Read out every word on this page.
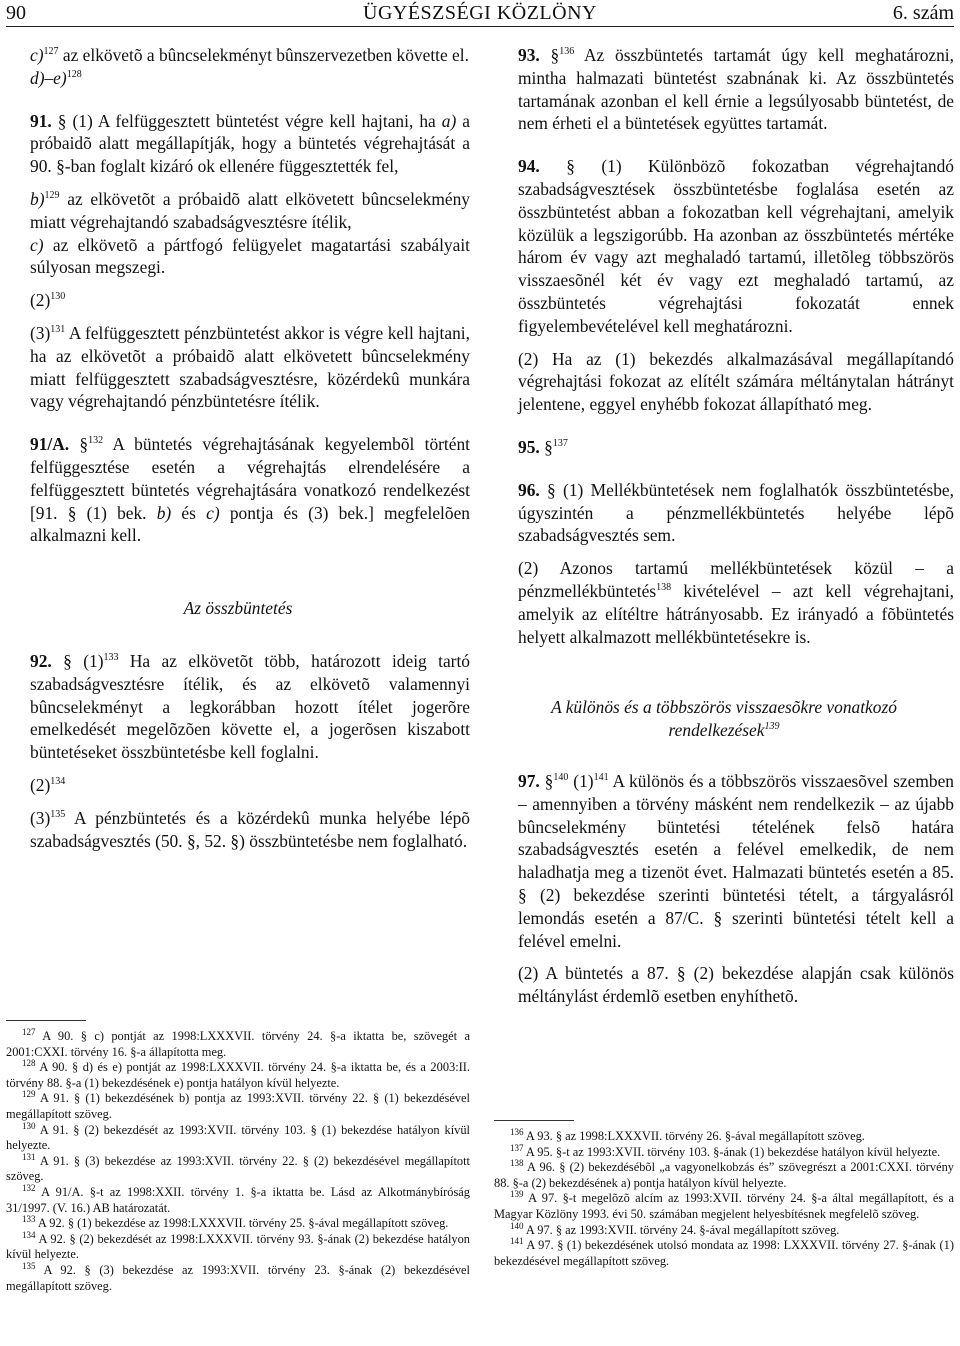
90	ÜGYÉSZSÉGI KÖZLÖNY	6. szám

c)$^{127}$ az elkövetõ a bûncselekményt bûnszervezetben követte el.

d)–e)$^{128}$

91. § (1) A felfüggesztett büntetést végre kell hajtani, ha a) a próbaidõ alatt megállapítják, hogy a büntetés végrehajtását a 90. §-ban foglalt kizáró ok ellenére függesztették fel,

b)$^{129}$ az elkövetõt a próbaidõ alatt elkövetett bûncselekmény miatt végrehajtandó szabadságvesztésre ítélik,

c) az elkövetõ a pártfogó felügyelet magatartási szabályait súlyosan megszegi.

$(2)^{130}$

$(3)^{131}$ A felfüggesztett pénzbüntetést akkor is végre kell hajtani, ha az elkövetõt a próbaidõ alatt elkövetett bûncselekmény miatt felfüggesztett szabadságvesztésre, közérdekû munkára vagy végrehajtandó pénzbüntetésre ítélik.

91/A. §$^{132}$ A büntetés végrehajtásának kegyelembõl történt felfüggesztése esetén a végrehajtás elrendelésére a felfüggesztett büntetés végrehajtására vonatkozó rendelkezést [91. § (1) bek. b) és c) pontja és (3) bek.] megfelelõen alkalmazni kell.

Az összbüntetés

92. § $(1)^{133}$ Ha az elkövetõt több, határozott ideig tartó szabadságvesztésre ítélik, és az elkövetõ valamennyi bûncselekményt a legkorábban hozott ítélet jogerõre emelkedését megelõzõen követte el, a jogerõsen kiszabott büntetéseket összbüntetésbe kell foglalni.

$(2)^{134}$

$(3)^{135}$ A pénzbüntetés és a közérdekû munka helyébe lépõ szabadságvesztés (50. §, 52. §) összbüntetésbe nem foglalható.

$^{127}$ A 90. § c) pontját az 1998:LXXXVII. törvény 24. §-a iktatta be, szövegét a 2001:CXXI. törvény 16. §-a állapította meg.

$^{128}$ A 90. § d) és e) pontját az 1998:LXXXVII. törvény 24. §-a iktatta be, és a 2003:II. törvény 88. §-a (1) bekezdésének e) pontja hatályon kívül helyezte.

$^{129}$ A 91. § (1) bekezdésének b) pontja az 1993:XVII. törvény 22. § (1) bekezdésével megállapított szöveg.

$^{130}$ A 91. § (2) bekezdését az 1993:XVII. törvény 103. § (1) bekezdése hatályon kívül helyezte.

$^{131}$ A 91. § (3) bekezdése az 1993:XVII. törvény 22. § (2) bekezdésével megállapított szöveg.

$^{132}$ A 91/A. §-t az 1998:XXII. törvény 1. §-a iktatta be. Lásd az Alkotmánybíróság 31/1997. (V. 16.) AB határozatát.

$^{133}$ A 92. § (1) bekezdése az 1998:LXXXVII. törvény 25. §-ával megállapított szöveg.

$^{134}$ A 92. § (2) bekezdését az 1998:LXXXVII. törvény 93. §-ának (2) bekezdése hatályon kívül helyezte.

$^{135}$ A 92. § (3) bekezdése az 1993:XVII. törvény 23. §-ának (2) bekezdésével megállapított szöveg.

93. §$^{136}$ Az összbüntetés tartamát úgy kell meghatározni, mintha halmazati büntetést szabnának ki. Az összbüntetés tartamának azonban el kell érnie a legsúlyosabb büntetést, de nem érheti el a büntetések együttes tartamát.

94. § (1) Különbözõ fokozatban végrehajtandó szabadságvesztések összbüntetésbe foglalása esetén az összbüntetést abban a fokozatban kell végrehajtani, amelyik közülük a legszigorúbb. Ha azonban az összbüntetés mértéke három év vagy azt meghaladó tartamú, illetõleg többszörös visszaesõnél két év vagy ezt meghaladó tartamú, az összbüntetés végrehajtási fokozatát ennek figyelembevételével kell meghatározni.

(2) Ha az (1) bekezdés alkalmazásával megállapítandó végrehajtási fokozat az elítélt számára méltánytalan hátrányt jelentene, eggyel enyhébb fokozat állapítható meg.

95. §$^{137}$

96. § (1) Mellékbüntetések nem foglalhatók összbüntetésbe, úgyszintén a pénzmellékbüntetés helyébe lépõ szabadságvesztés sem.

(2) Azonos tartamú mellékbüntetések közül – a pénzmellékbüntetés$^{138}$ kivételével – azt kell végrehajtani, amelyik az elítéltre hátrányosabb. Ez irányadó a fõbüntetés helyett alkalmazott mellékbüntetésekre is.

A különös és a többszörös visszaesõkre vonatkozó rendelkezések$^{139}$

97. §$^{140}$ $(1)^{141}$ A különös és a többszörös visszaesõvel szemben – amennyiben a törvény másként nem rendelkezik – az újabb bûncselekmény büntetési tételének felsõ határa szabadságvesztés esetén a felével emelkedik, de nem haladhatja meg a tizenöt évet. Halmazati büntetés esetén a 85. § (2) bekezdése szerinti büntetési tételt, a tárgyalásról lemondás esetén a 87/C. § szerinti büntetési tételt kell a felével emelni.

(2) A büntetés a 87. § (2) bekezdése alapján csak különös méltánylást érdemlõ esetben enyhíthetõ.

$^{136}$ A 93. § az 1998:LXXXVII. törvény 26. §-ával megállapított szöveg.

$^{137}$ A 95. §-t az 1993:XVII. törvény 103. §-ának (1) bekezdése hatályon kívül helyezte.

$^{138}$ A 96. § (2) bekezdésébõl „a vagyonelkobzás és” szövegrészt a 2001:CXXI. törvény 88. §-a (2) bekezdésének a) pontja hatályon kívül helyezte.

$^{139}$ A 97. §-t megelõzõ alcím az 1993:XVII. törvény 24. §-a által megállapított, és a Magyar Közlöny 1993. évi 50. számában megjelent helyesbítésnek megfelelõ szöveg.

$^{140}$ A 97. § az 1993:XVII. törvény 24. §-ával megállapított szöveg.

$^{141}$ A 97. § (1) bekezdésének utolsó mondata az 1998: LXXXVII. törvény 27. §-ának (1) bekezdésével megállapított szöveg.
